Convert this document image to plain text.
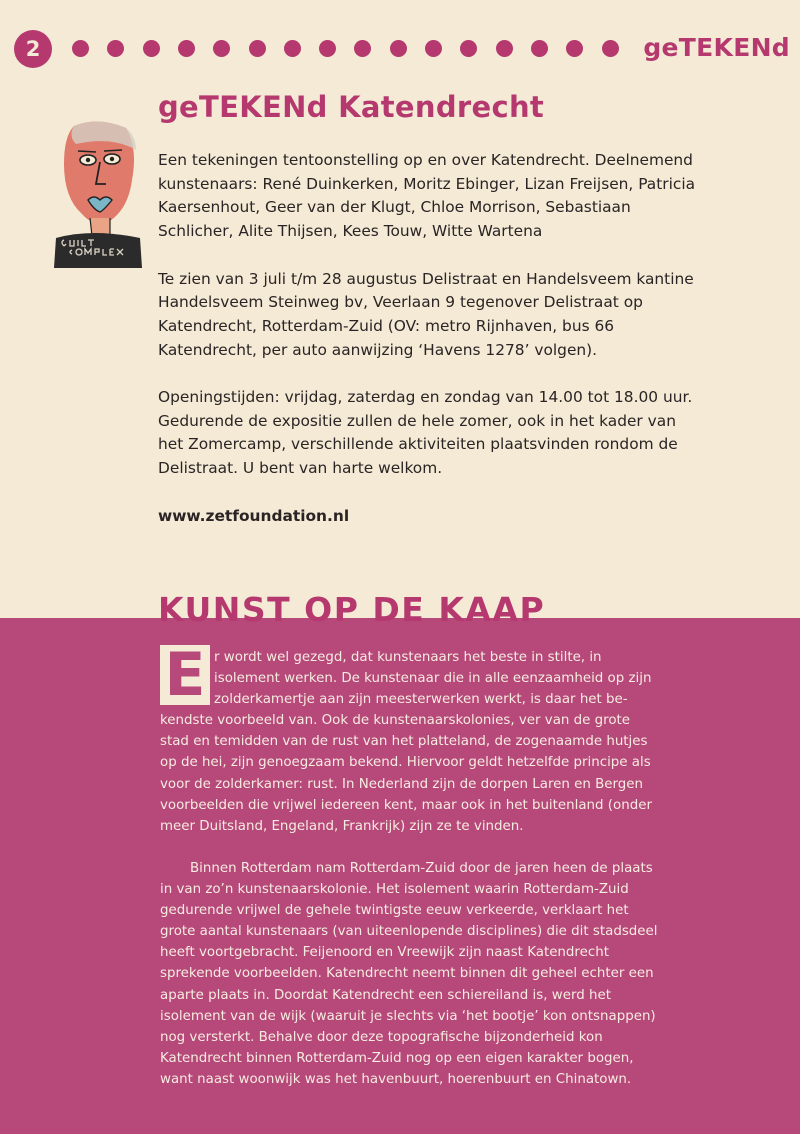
2	geTEKENd
geTEKENd Katendrecht

Een tekeningen tentoonstelling op en over Katendrecht. Deelnemend kunstenaars: René Duinkerken, Moritz Ebinger, Lizan Freijsen, Patricia Kaersenhout, Geer van der Klugt, Chloe Morrison, Sebastiaan Schlicher, Alite Thijsen, Kees Touw, Witte Wartena

Te zien van 3 juli t/m 28 augustus Delistraat en Handelsveem kantine Handelsveem Steinweg bv, Veerlaan 9 tegenover Delistraat op Katendrecht, Rotterdam-Zuid (OV: metro Rijnhaven, bus 66 Katendrecht, per auto aanwijzing ‘Havens 1278’ volgen).

Openingstijden: vrijdag, zaterdag en zondag van 14.00 tot 18.00 uur. Gedurende de expositie zullen de hele zomer, ook in het kader van het Zomercamp, verschillende aktiviteiten plaatsvinden rondom de Delistraat. U bent van harte welkom.

www.zetfoundation.nl

KUNST OP DE KAAP
E r wordt wel gezegd, dat kunstenaars het beste in stilte, in isolement werken. De kunstenaar die in alle eenzaamheid op zijn zolderkamertje aan zijn meesterwerken werkt, is daar het be-

kendste voorbeeld van. Ook de kunstenaarskolonies, ver van de grote stad en temidden van de rust van het platteland, de zogenaamde hutjes op de hei, zijn genoegzaam bekend. Hiervoor geldt hetzelfde principe als voor de zolderkamer: rust. In Nederland zijn de dorpen Laren en Bergen voorbeelden die vrijwel iedereen kent, maar ook in het buitenland (onder meer Duitsland, Engeland, Frankrijk) zijn ze te vinden.

Binnen Rotterdam nam Rotterdam-Zuid door de jaren heen de plaats in van zo’n kunstenaarskolonie. Het isolement waarin Rotterdam-Zuid gedurende vrijwel de gehele twintigste eeuw verkeerde, verklaart het grote aantal kunstenaars (van uiteenlopende disciplines) die dit stadsdeel heeft voortgebracht. Feijenoord en Vreewijk zijn naast Katendrecht sprekende voorbeelden. Katendrecht neemt binnen dit geheel echter een aparte plaats in. Doordat Katendrecht een schiereiland is, werd het isolement van de wijk (waaruit je slechts via ‘het bootje’ kon ontsnappen) nog versterkt. Behalve door deze topografische bijzonderheid kon Katendrecht binnen Rotterdam-Zuid nog op een eigen karakter bogen, want naast woonwijk was het havenbuurt, hoerenbuurt en Chinatown.
